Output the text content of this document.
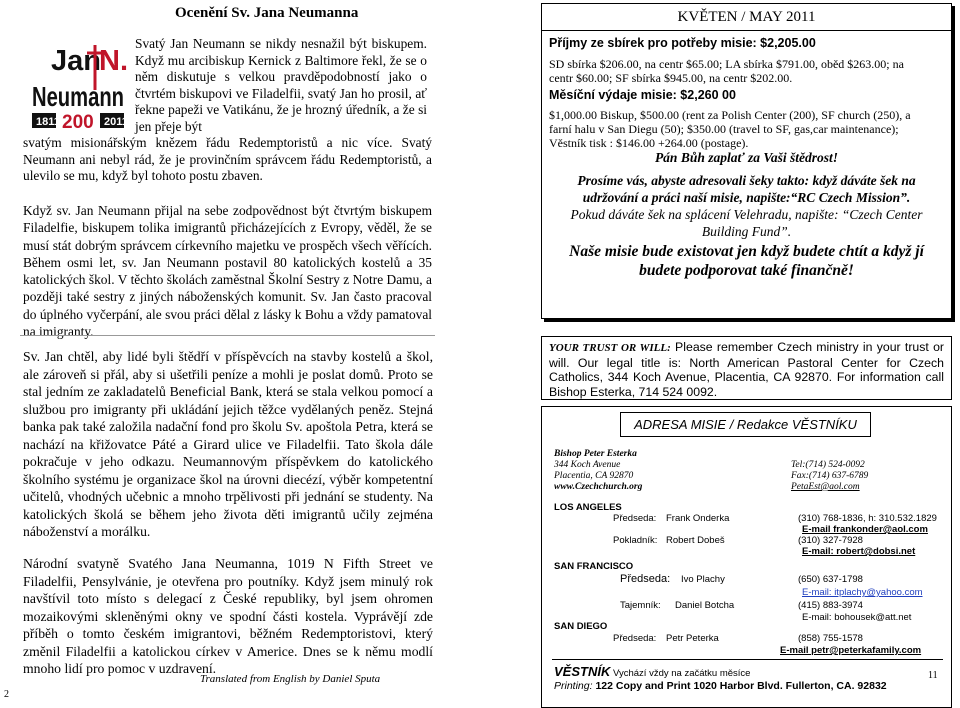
Jan
N.
Neumann
1811 200 2011
Ocenění Sv. Jana Neumanna
Svatý Jan Neumann se nikdy nesnažil být biskupem. Když mu arcibiskup Kernick z Baltimore řekl, že se o něm diskutuje s velkou pravděpodobností jako o čtvrtém biskupovi ve Filadelfii, svatý Jan ho prosil, ať řekne papeži ve Vatikánu, že je hrozný úředník, a že si jen přeje být
svatým misionářským knězem řádu Redemptoristů a nic více. Svatý Neumann ani nebyl rád, že je provinčním správcem řádu Redemptoristů, a ulevilo se mu, když byl tohoto postu zbaven.
Když sv. Jan Neumann přijal na sebe zodpovědnost být čtvrtým biskupem Filadelfie, biskupem tolika imigrantů přicházejících z Evropy, věděl, že se musí stát dobrým správcem církevního majetku ve prospěch všech věřících. Během osmi let, sv. Jan Neumann postavil 80 katolických kostelů a 35 katolických škol. V těchto školách zaměstnal Školní Sestry z Notre Damu, a později také sestry z jiných náboženských komunit. Sv. Jan často pracoval do úplného vyčerpání, ale svou práci dělal z lásky k Bohu a vždy pamatoval na imigranty.
Sv. Jan chtěl, aby lidé byli štědří v příspěvcích na stavby kostelů a škol, ale zároveň si přál, aby si ušetřili peníze a mohli je poslat domů. Proto se stal jedním ze zakladatelů Beneficial Bank, která se stala velkou pomocí a službou pro imigranty při ukládání jejich těžce vydělaných peněz. Stejná banka pak také založila nadační fond pro školu Sv. apoštola Petra, která se nachází na křižovatce Páté a Girard ulice ve Filadelfii. Tato škola dále pokračuje v jeho odkazu. Neumannovým příspěvkem do katolického školního systému je organizace škol na úrovni diecézí, výběr kompetentní učitelů, vhodných učebnic a mnoho trpělivosti při jednání se studenty. Na katolických školá se během jeho života děti imigrantů učily zejména náboženství a morálku.
Národní svatyně Svatého Jana Neumanna, 1019 N Fifth Street ve Filadelfii, Pensylvánie, je otevřena pro poutníky. Když jsem minulý rok navštívil toto místo s delegací z České republiky, byl jsem ohromen mozaikovými skleněnými okny ve spodní části kostela. Vyprávějí zde příběh o tomto českém imigrantovi, běžném Redemptoristovi, který změnil Filadelfii a katolickou církev v Americe. Dnes se k němu modlí mnoho lidí pro pomoc v uzdravení.
Translated from English by Daniel Sputa
2
KVĚTEN / MAY 2011
Příjmy ze sbírek pro potřeby misie: $2,205.00
SD sbírka $206.00, na centr $65.00; LA sbírka $791.00, oběd $263.00; na
centr $60.00; SF sbírka $945.00, na centr $202.00.
Měsíční výdaje misie: $2,260 00
$1,000.00 Biskup, $500.00 (rent za Polish Center (200), SF church (250), a
farní halu v San Diegu (50); $350.00 (travel to SF, gas,car maintenance);
Věstník tisk : $146.00 +264.00 (postage).
Pán Bůh zaplať za Vaši štědrost!
Prosíme vás, abyste adresovali šeky takto: když dáváte šek na udržování a práci naší misie, napište:“RC Czech Mission”.
Pokud dáváte šek na splácení Velehradu, napište: “Czech Center Building Fund”.
Naše misie bude existovat jen když budete chtít a když jí budete podporovat také finančně!
YOUR TRUST OR WILL: Please remember Czech ministry in your trust or will. Our legal title is: North American Pastoral Center for Czech Catholics, 344 Koch Avenue, Placentia, CA 92870. For information call Bishop Esterka, 714 524 0092.
ADRESA MISIE / Redakce VĚSTNÍKU
Bishop Peter Esterka
344 Koch Avenue
Placentia, CA 92870
www.Czechchurch.org
Tel:(714) 524-0092
Fax:(714) 637-6789
PetaEst@aol.com
LOS ANGELES
Předseda: Frank Onderka	(310) 768-1836, h: 310.532.1829
E-mail frankonder@aol.com
Pokladník: Robert Dobeš	(310) 327-7928
E-mail: robert@dobsi.net
SAN FRANCISCO
Předseda: Ivo Plachy	(650) 637-1798
E-mail: itplachy@yahoo.com
Tajemník: Daniel Botcha	(415) 883-3974
E-mail: bohousek@att.net
SAN DIEGO
Předseda: Petr Peterka	(858) 755-1578
E-mail petr@peterkafamily.com
VĚSTNÍK Vychází vždy na začátku měsíce
Printing: 122 Copy and Print 1020 Harbor Blvd. Fullerton, CA. 92832
11
